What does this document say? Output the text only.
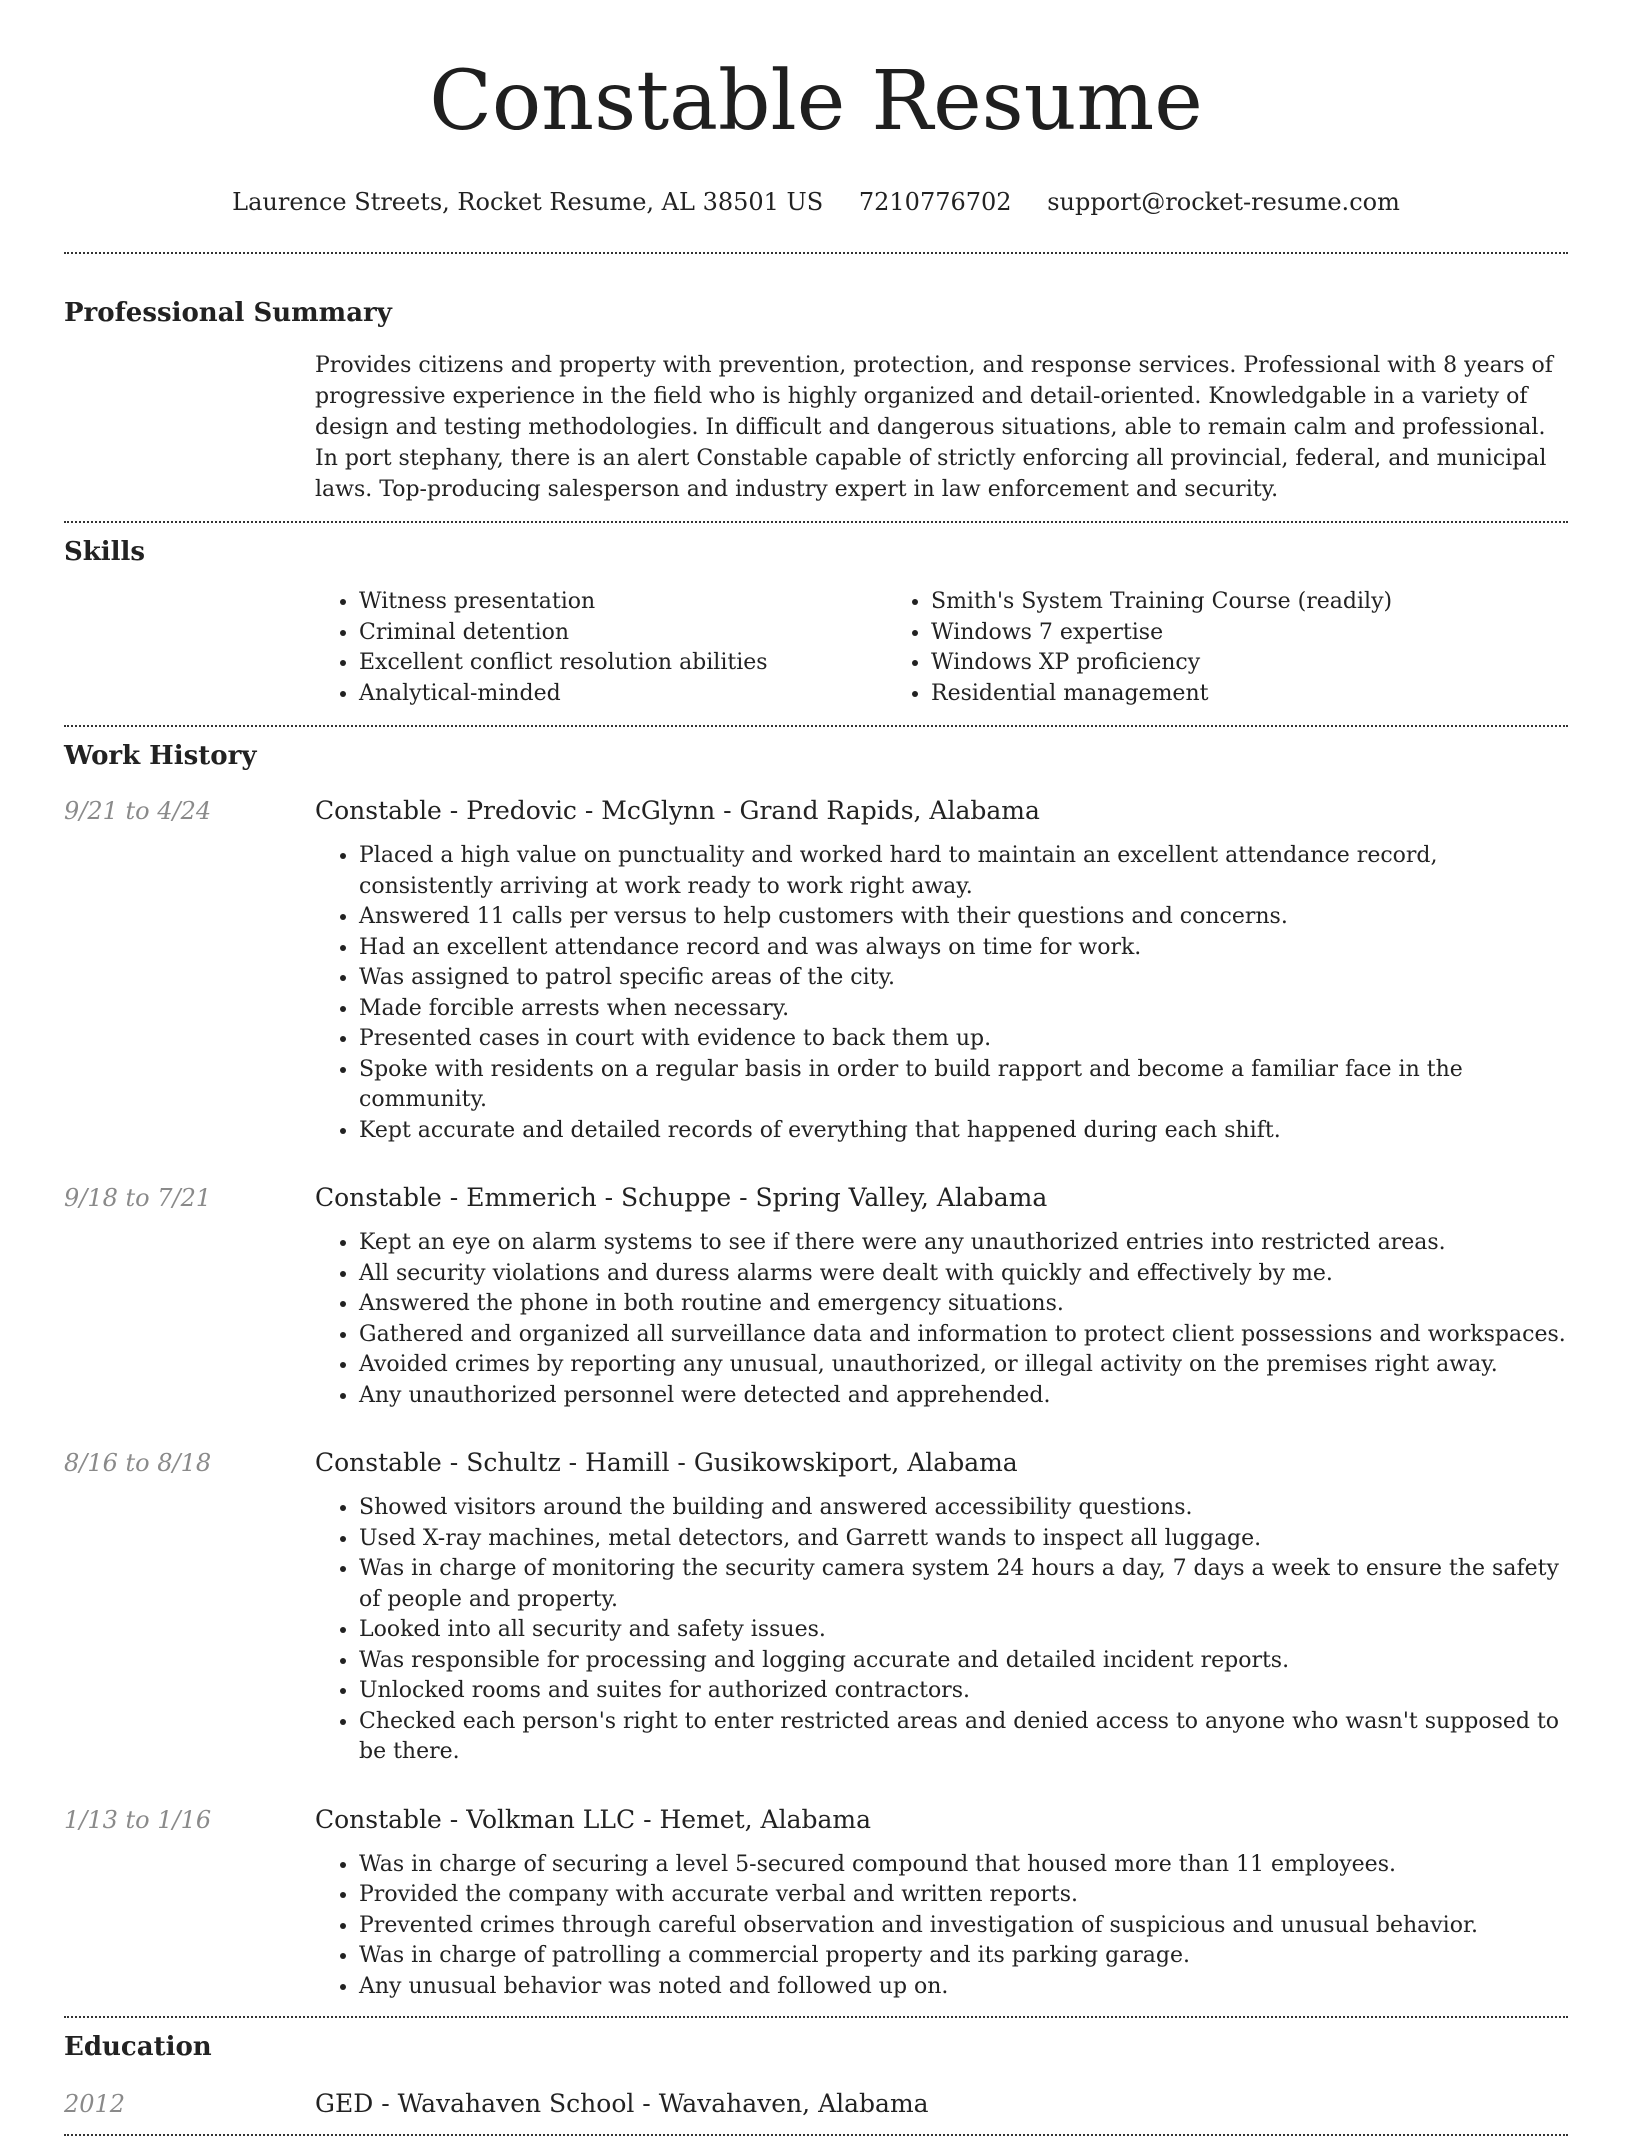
Constable Resume
Laurence Streets, Rocket Resume, AL 38501 US 7210776702 support@rocket-resume.com
Professional Summary
Provides citizens and property with prevention, protection, and response services. Professional with 8 years of progressive experience in the field who is highly organized and detail-oriented. Knowledgable in a variety of design and testing methodologies. In difficult and dangerous situations, able to remain calm and professional. In port stephany, there is an alert Constable capable of strictly enforcing all provincial, federal, and municipal laws. Top-producing salesperson and industry expert in law enforcement and security.
Skills
• Witness presentation
• Criminal detention
• Excellent conflict resolution abilities
• Analytical-minded
• Smith's System Training Course (readily)
• Windows 7 expertise
• Windows XP proficiency
• Residential management
Work History
9/21 to 4/24	Constable - Predovic - McGlynn - Grand Rapids, Alabama
• Placed a high value on punctuality and worked hard to maintain an excellent attendance record, consistently arriving at work ready to work right away.
• Answered 11 calls per versus to help customers with their questions and concerns.
• Had an excellent attendance record and was always on time for work.
• Was assigned to patrol specific areas of the city.
• Made forcible arrests when necessary.
• Presented cases in court with evidence to back them up.
• Spoke with residents on a regular basis in order to build rapport and become a familiar face in the community.
• Kept accurate and detailed records of everything that happened during each shift.
9/18 to 7/21	Constable - Emmerich - Schuppe - Spring Valley, Alabama
• Kept an eye on alarm systems to see if there were any unauthorized entries into restricted areas.
• All security violations and duress alarms were dealt with quickly and effectively by me.
• Answered the phone in both routine and emergency situations.
• Gathered and organized all surveillance data and information to protect client possessions and workspaces.
• Avoided crimes by reporting any unusual, unauthorized, or illegal activity on the premises right away.
• Any unauthorized personnel were detected and apprehended.
8/16 to 8/18	Constable - Schultz - Hamill - Gusikowskiport, Alabama
• Showed visitors around the building and answered accessibility questions.
• Used X-ray machines, metal detectors, and Garrett wands to inspect all luggage.
• Was in charge of monitoring the security camera system 24 hours a day, 7 days a week to ensure the safety of people and property.
• Looked into all security and safety issues.
• Was responsible for processing and logging accurate and detailed incident reports.
• Unlocked rooms and suites for authorized contractors.
• Checked each person's right to enter restricted areas and denied access to anyone who wasn't supposed to be there.
1/13 to 1/16	Constable - Volkman LLC - Hemet, Alabama
• Was in charge of securing a level 5-secured compound that housed more than 11 employees.
• Provided the company with accurate verbal and written reports.
• Prevented crimes through careful observation and investigation of suspicious and unusual behavior.
• Was in charge of patrolling a commercial property and its parking garage.
• Any unusual behavior was noted and followed up on.
Education
2012	GED - Wavahaven School - Wavahaven, Alabama
